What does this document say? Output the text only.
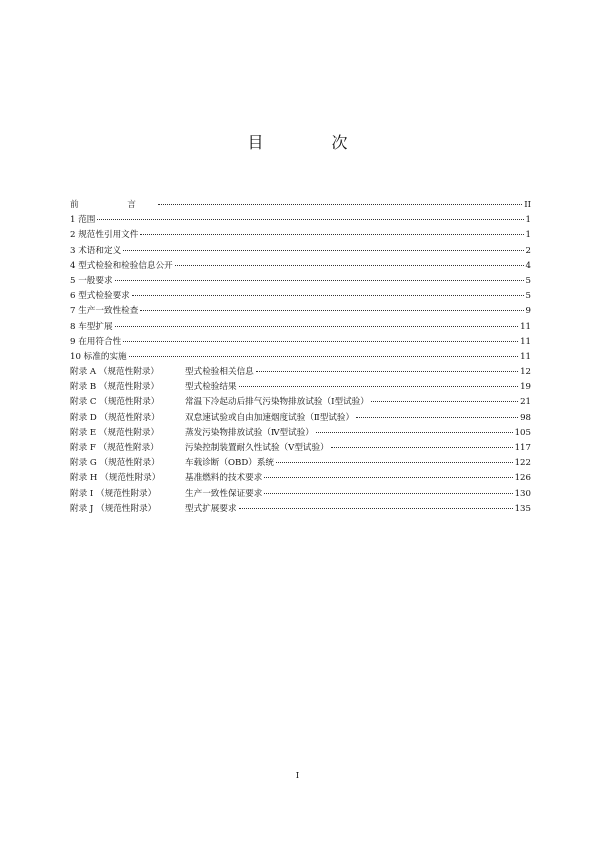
目　次
前　言	II
1 范围	1
2 规范性引用文件	1
3 术语和定义	2
4 型式检验和检验信息公开	4
5 一般要求	5
6 型式检验要求	5
7 生产一致性检查	9
8 车型扩展	11
9 在用符合性	11
10 标准的实施	11
附录 A （规范性附录）	型式检验相关信息	12
附录 B （规范性附录）	型式检验结果	19
附录 C （规范性附录）	常温下冷起动后排气污染物排放试验（Ⅰ型试验）	21
附录 D （规范性附录）	双怠速试验或自由加速烟度试验（Ⅱ型试验）	98
附录 E （规范性附录）	蒸发污染物排放试验（Ⅳ型试验）	105
附录 F （规范性附录）	污染控制装置耐久性试验（Ⅴ型试验）	117
附录 G （规范性附录）	车载诊断（OBD）系统	122
附录 H （规范性附录）	基准燃料的技术要求	126
附录 I （规范性附录）	生产一致性保证要求	130
附录 J （规范性附录）	型式扩展要求	135
I
